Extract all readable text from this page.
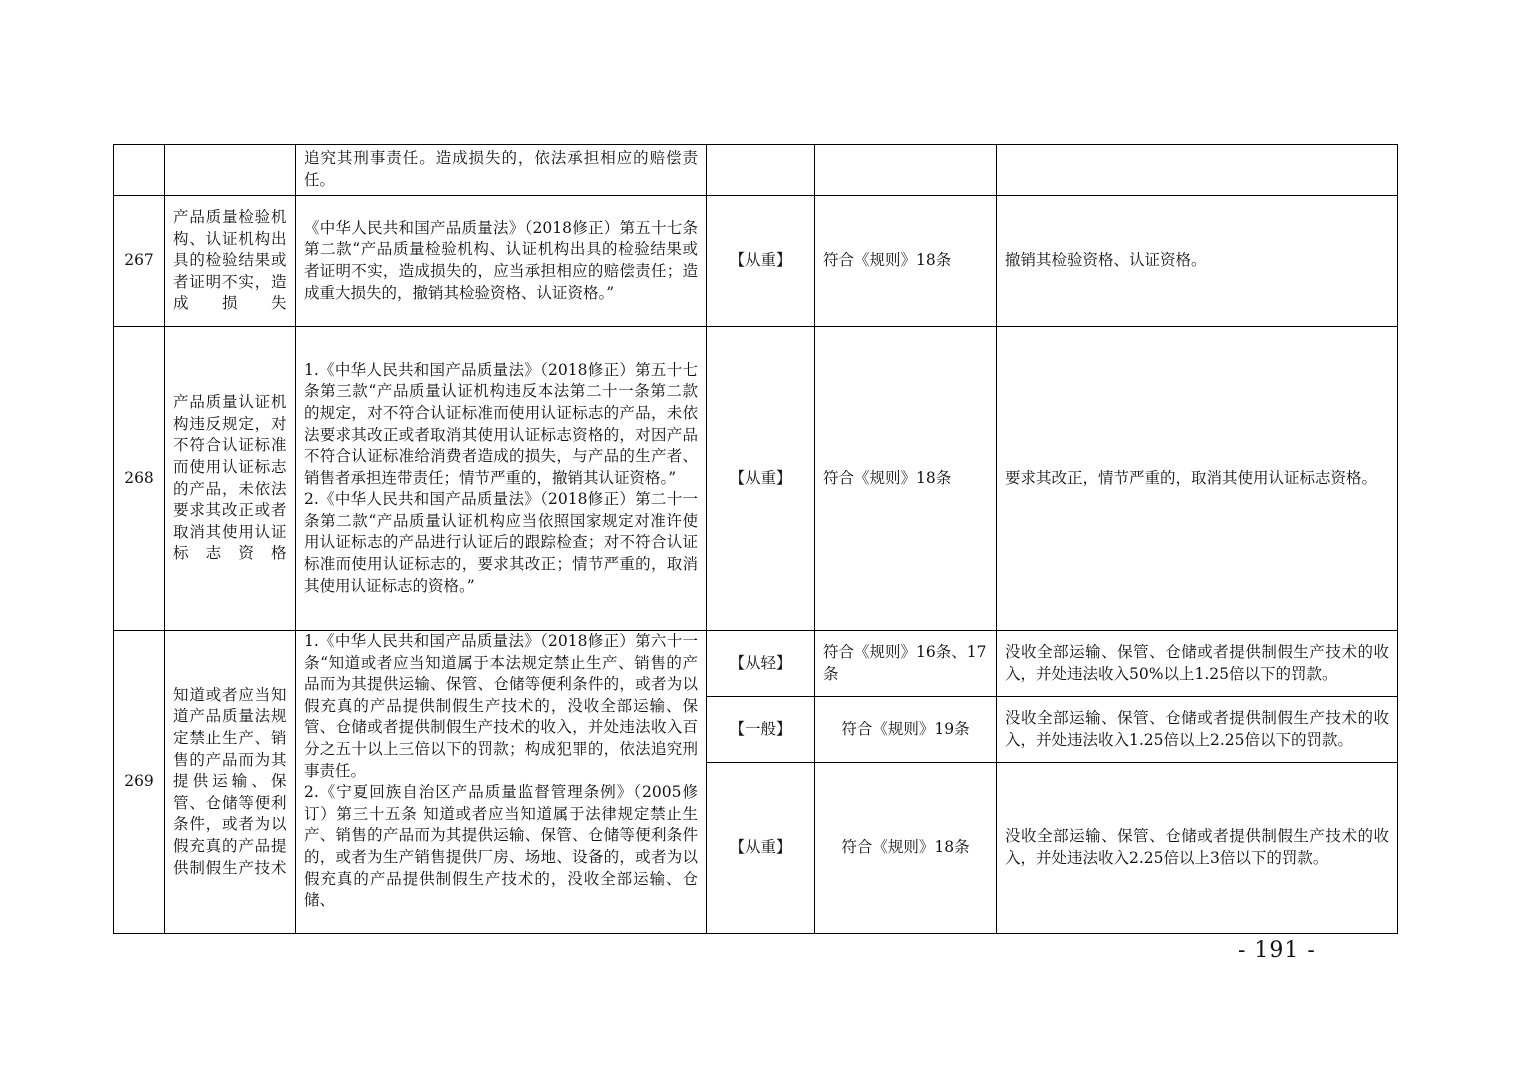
		追究其刑事责任。造成损失的，依法承担相应的赔偿责任。			
267	产品质量检验机构、认证机构出具的检验结果或者证明不实，造成损失	《中华人民共和国产品质量法》（2018修正）第五十七条第二款“产品质量检验机构、认证机构出具的检验结果或者证明不实，造成损失的，应当承担相应的赔偿责任；造成重大损失的，撤销其检验资格、认证资格。”	【从重】	符合《规则》18条	撤销其检验资格、认证资格。
268	产品质量认证机构违反规定，对不符合认证标准而使用认证标志的产品，未依法要求其改正或者取消其使用认证标志资格	1.《中华人民共和国产品质量法》（2018修正）第五十七条第三款“产品质量认证机构违反本法第二十一条第二款的规定，对不符合认证标准而使用认证标志的产品，未依法要求其改正或者取消其使用认证标志资格的，对因产品不符合认证标准给消费者造成的损失，与产品的生产者、销售者承担连带责任；情节严重的，撤销其认证资格。”
2.《中华人民共和国产品质量法》（2018修正）第二十一条第二款“产品质量认证机构应当依照国家规定对准许使用认证标志的产品进行认证后的跟踪检查；对不符合认证标准而使用认证标志的，要求其改正；情节严重的，取消其使用认证标志的资格。”	【从重】	符合《规则》18条	要求其改正，情节严重的，取消其使用认证标志资格。
269	知道或者应当知道产品质量法规定禁止生产、销售的产品而为其提供运输、保管、仓储等便利条件，或者为以假充真的产品提供制假生产技术	1.《中华人民共和国产品质量法》（2018修正）第六十一条“知道或者应当知道属于本法规定禁止生产、销售的产品而为其提供运输、保管、仓储等便利条件的，或者为以假充真的产品提供制假生产技术的，没收全部运输、保管、仓储或者提供制假生产技术的收入，并处违法收入百分之五十以上三倍以下的罚款；构成犯罪的，依法追究刑事责任。
2.《宁夏回族自治区产品质量监督管理条例》（2005修订）第三十五条 知道或者应当知道属于法律规定禁止生产、销售的产品而为其提供运输、保管、仓储等便利条件的，或者为生产销售提供厂房、场地、设备的，或者为以假充真的产品提供制假生产技术的，没收全部运输、仓储、	【从轻】	符合《规则》16条、17条	没收全部运输、保管、仓储或者提供制假生产技术的收入，并处违法收入50%以上1.25倍以下的罚款。
			【一般】	符合《规则》19条	没收全部运输、保管、仓储或者提供制假生产技术的收入，并处违法收入1.25倍以上2.25倍以下的罚款。
			【从重】	符合《规则》18条	没收全部运输、保管、仓储或者提供制假生产技术的收入，并处违法收入2.25倍以上3倍以下的罚款。
- 191 -
